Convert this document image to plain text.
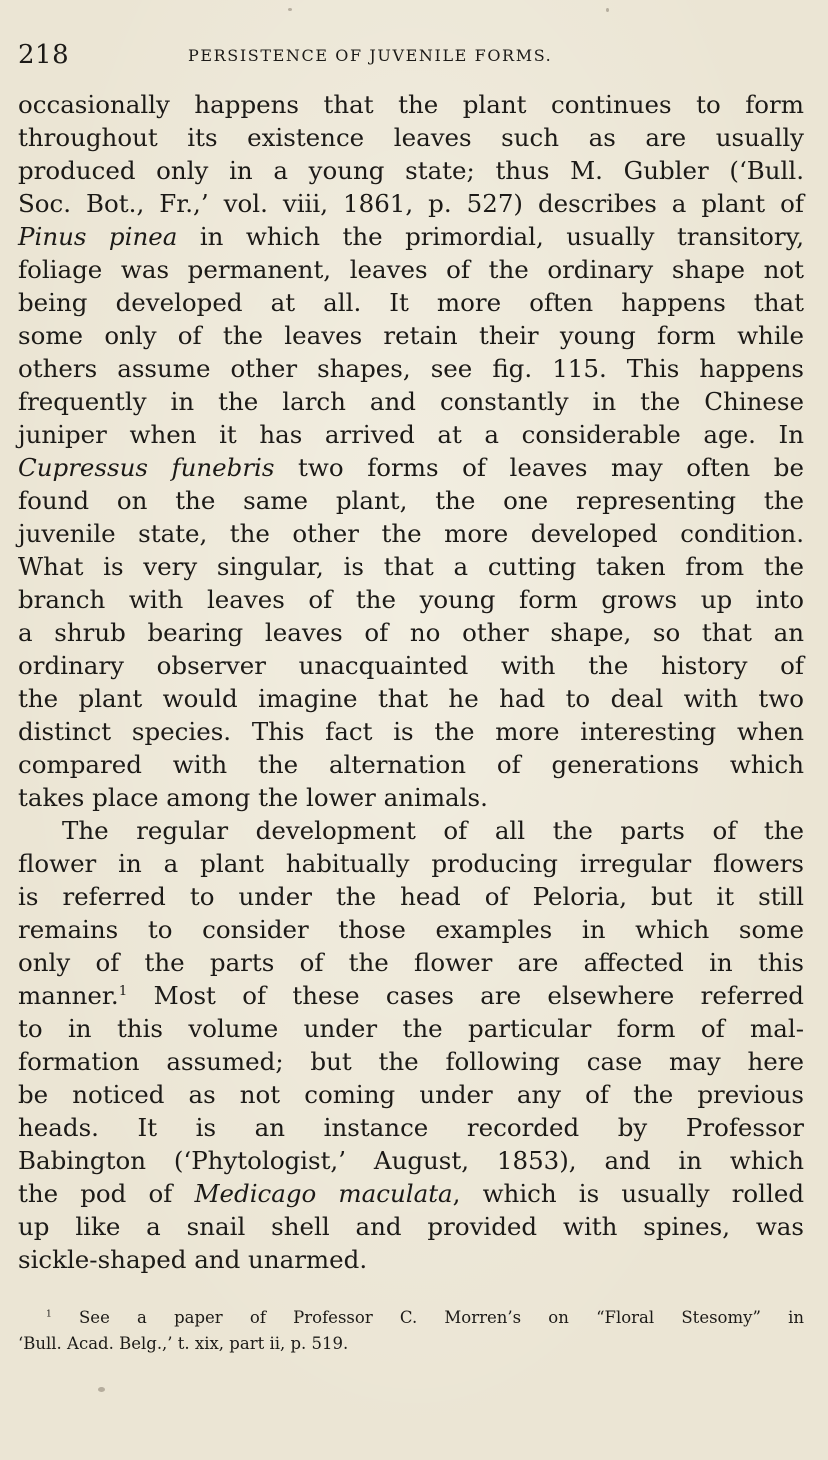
218	PERSISTENCE OF JUVENILE FORMS.
occasionally happens that the plant continues to form
throughout its existence leaves such as are usually
produced only in a young state; thus M. Gubler (‘Bull.
Soc. Bot., Fr.,’ vol. viii, 1861, p. 527) describes a plant of
Pinus pinea in which the primordial, usually transitory,
foliage was permanent, leaves of the ordinary shape not
being developed at all. It more often happens that
some only of the leaves retain their young form while
others assume other shapes, see fig. 115. This happens
frequently in the larch and constantly in the Chinese
juniper when it has arrived at a considerable age. In
Cupressus funebris two forms of leaves may often be
found on the same plant, the one representing the
juvenile state, the other the more developed condition.
What is very singular, is that a cutting taken from the
branch with leaves of the young form grows up into
a shrub bearing leaves of no other shape, so that an
ordinary observer unacquainted with the history of
the plant would imagine that he had to deal with two
distinct species. This fact is the more interesting when
compared with the alternation of generations which
takes place among the lower animals.
The regular development of all the parts of the
flower in a plant habitually producing irregular flowers
is referred to under the head of Peloria, but it still
remains to consider those examples in which some
only of the parts of the flower are affected in this
manner.$^1$ Most of these cases are elsewhere referred
to in this volume under the particular form of mal-
formation assumed; but the following case may here
be noticed as not coming under any of the previous
heads. It is an instance recorded by Professor
Babington (‘Phytologist,’ August, 1853), and in which
the pod of Medicago maculata, which is usually rolled
up like a snail shell and provided with spines, was
sickle-shaped and unarmed.
$^1$ See a paper of Professor C. Morren’s on “Floral Stesomy” in
‘Bull. Acad. Belg.,’ t. xix, part ii, p. 519.
